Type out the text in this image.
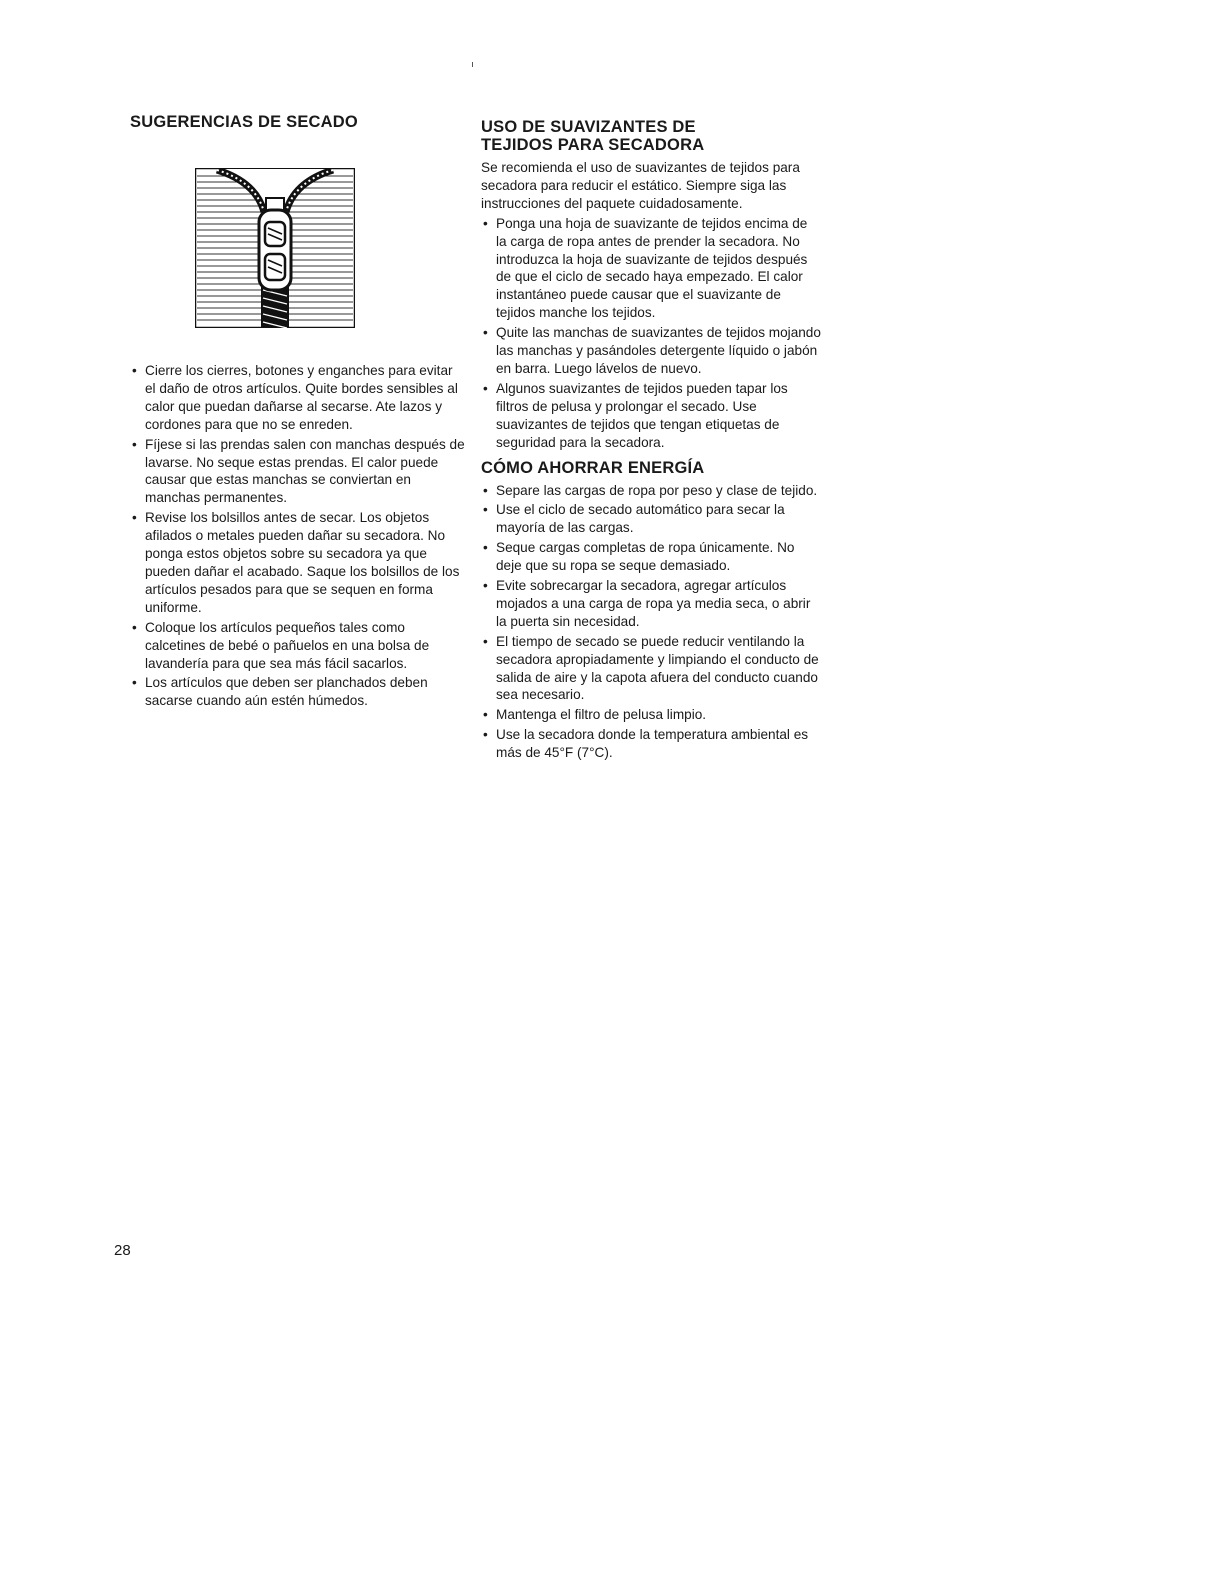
SUGERENCIAS DE SECADO
• Cierre los cierres, botones y enganches para evitar el daño de otros artículos. Quite bordes sensibles al calor que puedan dañarse al secarse. Ate lazos y cordones para que no se enreden.
• Fíjese si las prendas salen con manchas después de lavarse. No seque estas prendas. El calor puede causar que estas manchas se conviertan en manchas permanentes.
• Revise los bolsillos antes de secar. Los objetos afilados o metales pueden dañar su secadora. No ponga estos objetos sobre su secadora ya que pueden dañar el acabado. Saque los bolsillos de los artículos pesados para que se sequen en forma uniforme.
• Coloque los artículos pequeños tales como calcetines de bebé o pañuelos en una bolsa de lavandería para que sea más fácil sacarlos.
• Los artículos que deben ser planchados deben sacarse cuando aún estén húmedos.
USO DE SUAVIZANTES DE
TEJIDOS PARA SECADORA

Se recomienda el uso de suavizantes de tejidos para secadora para reducir el estático. Siempre siga las instrucciones del paquete cuidadosamente.

• Ponga una hoja de suavizante de tejidos encima de la carga de ropa antes de prender la secadora. No introduzca la hoja de suavizante de tejidos después de que el ciclo de secado haya empezado. El calor instantáneo puede causar que el suavizante de tejidos manche los tejidos.
• Quite las manchas de suavizantes de tejidos mojando las manchas y pasándoles detergente líquido o jabón en barra. Luego lávelos de nuevo.
• Algunos suavizantes de tejidos pueden tapar los filtros de pelusa y prolongar el secado. Use suavizantes de tejidos que tengan etiquetas de seguridad para la secadora.
CÓMO AHORRAR ENERGÍA
• Separe las cargas de ropa por peso y clase de tejido.
• Use el ciclo de secado automático para secar la mayoría de las cargas.
• Seque cargas completas de ropa únicamente. No deje que su ropa se seque demasiado.
• Evite sobrecargar la secadora, agregar artículos mojados a una carga de ropa ya media seca, o abrir la puerta sin necesidad.
• El tiempo de secado se puede reducir ventilando la secadora apropiadamente y limpiando el conducto de salida de aire y la capota afuera del conducto cuando sea necesario.
• Mantenga el filtro de pelusa limpio.
• Use la secadora donde la temperatura ambiental es más de 45°F (7°C).
28
